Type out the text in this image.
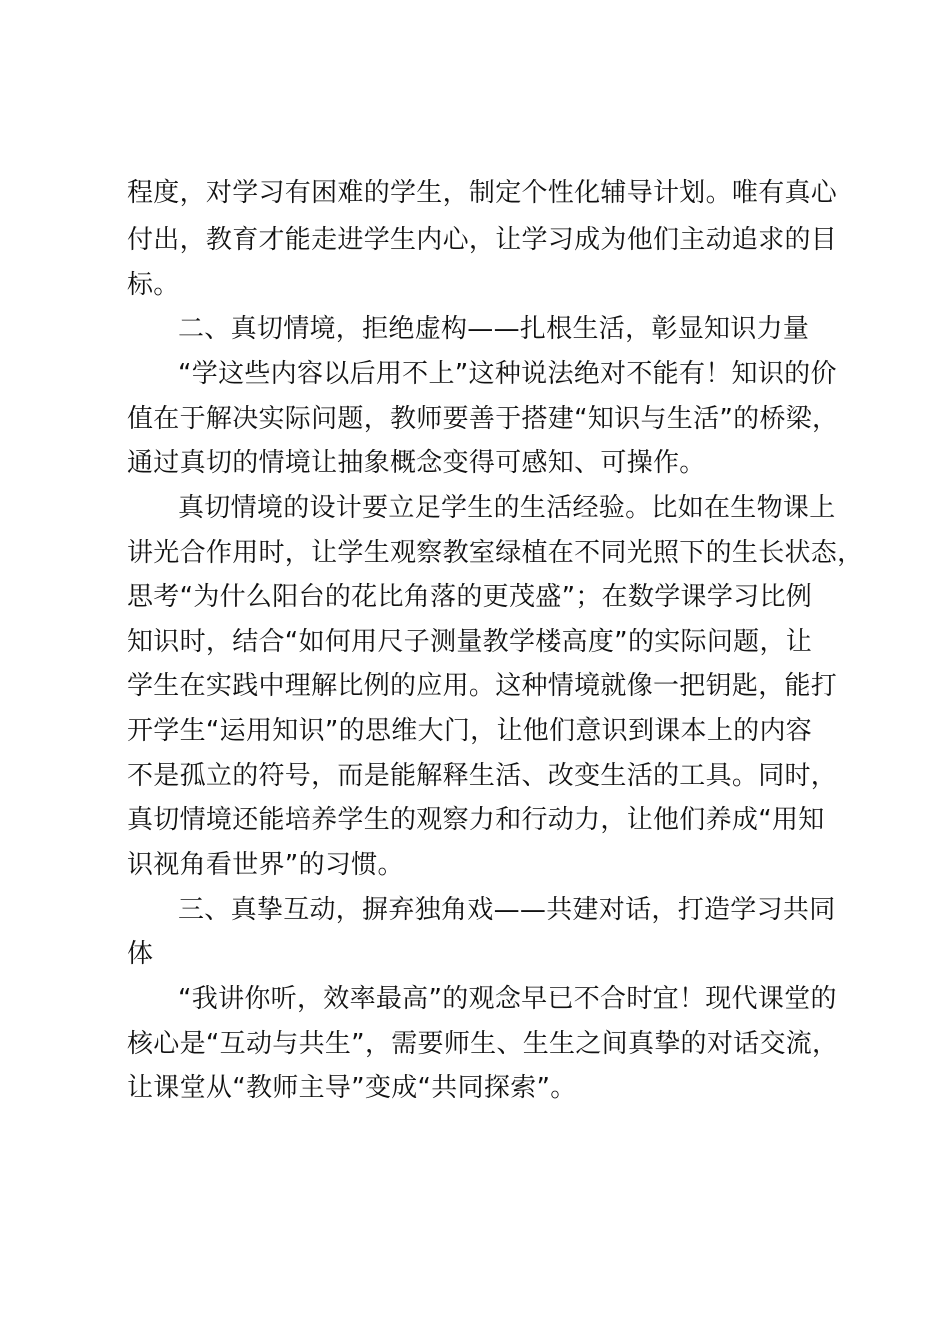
程度，对学习有困难的学生，制定个性化辅导计划。唯有真心
付出，教育才能走进学生内心，让学习成为他们主动追求的目
标。
二、真切情境，拒绝虚构——扎根生活，彰显知识力量
“学这些内容以后用不上”这种说法绝对不能有！知识的价
值在于解决实际问题，教师要善于搭建“知识与生活”的桥梁，
通过真切的情境让抽象概念变得可感知、可操作。
真切情境的设计要立足学生的生活经验。比如在生物课上
讲光合作用时，让学生观察教室绿植在不同光照下的生长状态，
思考“为什么阳台的花比角落的更茂盛”；在数学课学习比例
知识时，结合“如何用尺子测量教学楼高度”的实际问题，让
学生在实践中理解比例的应用。这种情境就像一把钥匙，能打
开学生“运用知识”的思维大门，让他们意识到课本上的内容
不是孤立的符号，而是能解释生活、改变生活的工具。同时，
真切情境还能培养学生的观察力和行动力，让他们养成“用知
识视角看世界”的习惯。
三、真挚互动，摒弃独角戏——共建对话，打造学习共同
体
“我讲你听，效率最高”的观念早已不合时宜！现代课堂的
核心是“互动与共生”，需要师生、生生之间真挚的对话交流，
让课堂从“教师主导”变成“共同探索”。
